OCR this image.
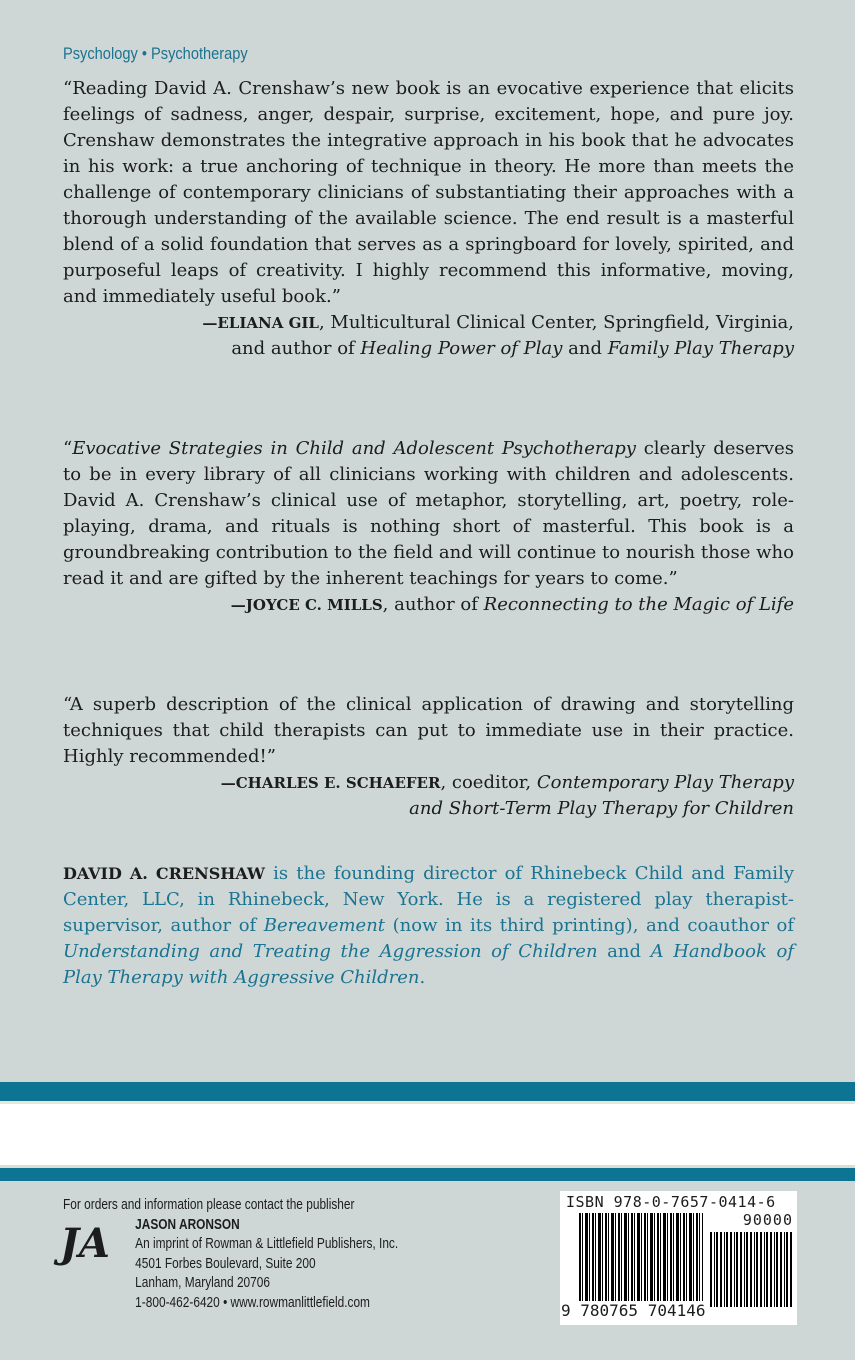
Psychology • Psychotherapy

“Reading David A. Crenshaw’s new book is an evocative experience that elicits feelings of sadness, anger, despair, surprise, excitement, hope, and pure joy. Crenshaw demonstrates the integrative approach in his book that he advocates in his work: a true anchoring of technique in theory. He more than meets the challenge of contemporary clinicians of substantiating their approaches with a thorough understanding of the available science. The end result is a masterful blend of a solid foundation that serves as a springboard for lovely, spirited, and purposeful leaps of creativity. I highly recommend this informative, moving, and immediately useful book.”

—ELIANA GIL, Multicultural Clinical Center, Springfield, Virginia,
and author of Healing Power of Play and Family Play Therapy

“Evocative Strategies in Child and Adolescent Psychotherapy clearly deserves to be in every library of all clinicians working with children and adolescents. David A. Crenshaw’s clinical use of metaphor, storytelling, art, poetry, role-playing, drama, and rituals is nothing short of masterful. This book is a groundbreaking contribution to the field and will continue to nourish those who read it and are gifted by the inherent teachings for years to come.”

—JOYCE C. MILLS, author of Reconnecting to the Magic of Life

“A superb description of the clinical application of drawing and storytelling techniques that child therapists can put to immediate use in their practice. Highly recommended!”

—CHARLES E. SCHAEFER, coeditor, Contemporary Play Therapy
and Short-Term Play Therapy for Children

DAVID A. CRENSHAW is the founding director of Rhinebeck Child and Family Center, LLC, in Rhinebeck, New York. He is a registered play therapist-supervisor, author of Bereavement (now in its third printing), and coauthor of Understanding and Treating the Aggression of Children and A Handbook of Play Therapy with Aggressive Children.
JA
For orders and information please contact the publisher
JASON ARONSON
An imprint of Rowman & Littlefield Publishers, Inc.
4501 Forbes Boulevard, Suite 200
Lanham, Maryland 20706
1-800-462-6420 • www.rowmanlittlefield.com
ISBN 978-0-7657-0414-6
90000
9 780765 704146
